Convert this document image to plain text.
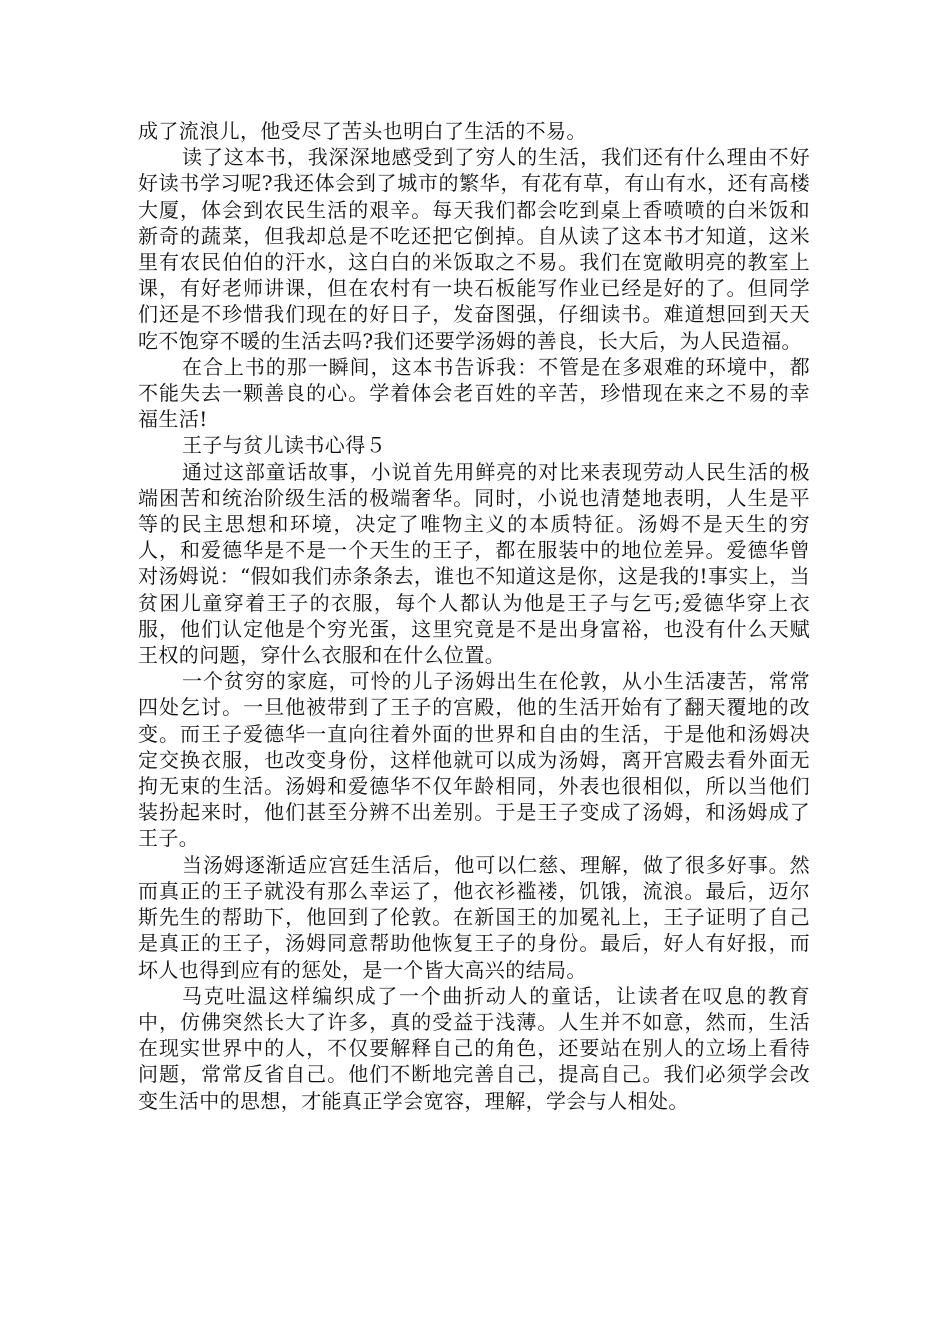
成了流浪儿，他受尽了苦头也明白了生活的不易。

读了这本书，我深深地感受到了穷人的生活，我们还有什么理由不好好读书学习呢?我还体会到了城市的繁华，有花有草，有山有水，还有高楼大厦，体会到农民生活的艰辛。每天我们都会吃到桌上香喷喷的白米饭和新奇的蔬菜，但我却总是不吃还把它倒掉。自从读了这本书才知道，这米里有农民伯伯的汗水，这白白的米饭取之不易。我们在宽敞明亮的教室上课，有好老师讲课，但在农村有一块石板能写作业已经是好的了。但同学们还是不珍惜我们现在的好日子，发奋图强，仔细读书。难道想回到天天吃不饱穿不暖的生活去吗?我们还要学汤姆的善良，长大后，为人民造福。

在合上书的那一瞬间，这本书告诉我：不管是在多艰难的环境中，都不能失去一颗善良的心。学着体会老百姓的辛苦，珍惜现在来之不易的幸福生活!

王子与贫儿读书心得５

通过这部童话故事，小说首先用鲜亮的对比来表现劳动人民生活的极端困苦和统治阶级生活的极端奢华。同时，小说也清楚地表明，人生是平等的民主思想和环境，决定了唯物主义的本质特征。汤姆不是天生的穷人，和爱德华是不是一个天生的王子，都在服装中的地位差异。爱德华曾对汤姆说：“假如我们赤条条去，谁也不知道这是你，这是我的!事实上，当贫困儿童穿着王子的衣服，每个人都认为他是王子与乞丐;爱德华穿上衣服，他们认定他是个穷光蛋，这里究竟是不是出身富裕，也没有什么天赋王权的问题，穿什么衣服和在什么位置。

一个贫穷的家庭，可怜的儿子汤姆出生在伦敦，从小生活凄苦，常常四处乞讨。一旦他被带到了王子的宫殿，他的生活开始有了翻天覆地的改变。而王子爱德华一直向往着外面的世界和自由的生活，于是他和汤姆决定交换衣服，也改变身份，这样他就可以成为汤姆，离开宫殿去看外面无拘无束的生活。汤姆和爱德华不仅年龄相同，外表也很相似，所以当他们装扮起来时，他们甚至分辨不出差别。于是王子变成了汤姆，和汤姆成了王子。

当汤姆逐渐适应宫廷生活后，他可以仁慈、理解，做了很多好事。然而真正的王子就没有那么幸运了，他衣衫褴褛，饥饿，流浪。最后，迈尔斯先生的帮助下，他回到了伦敦。在新国王的加冕礼上，王子证明了自己是真正的王子，汤姆同意帮助他恢复王子的身份。最后，好人有好报，而坏人也得到应有的惩处，是一个皆大高兴的结局。

马克吐温这样编织成了一个曲折动人的童话，让读者在叹息的教育中，仿佛突然长大了许多，真的受益于浅薄。人生并不如意，然而，生活在现实世界中的人，不仅要解释自己的角色，还要站在别人的立场上看待问题，常常反省自己。他们不断地完善自己，提高自己。我们必须学会改变生活中的思想，才能真正学会宽容，理解，学会与人相处。
